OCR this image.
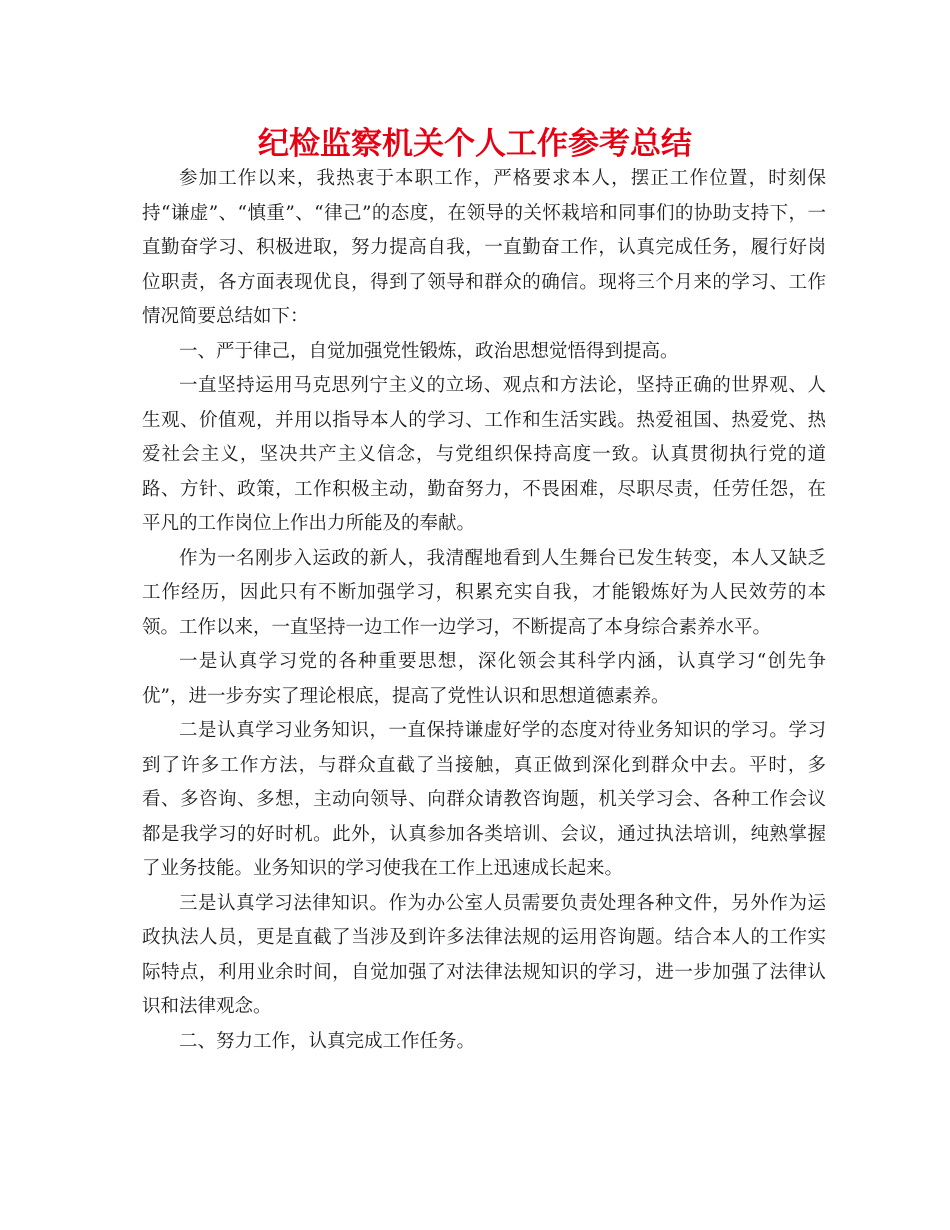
纪检监察机关个人工作参考总结

参加工作以来，我热衷于本职工作，严格要求本人，摆正工作位置，时刻保持“谦虚”、“慎重”、“律己”的态度，在领导的关怀栽培和同事们的协助支持下，一直勤奋学习、积极进取，努力提高自我，一直勤奋工作，认真完成任务，履行好岗位职责，各方面表现优良，得到了领导和群众的确信。现将三个月来的学习、工作情况简要总结如下：

一、严于律己，自觉加强党性锻炼，政治思想觉悟得到提高。

一直坚持运用马克思列宁主义的立场、观点和方法论，坚持正确的世界观、人生观、价值观，并用以指导本人的学习、工作和生活实践。热爱祖国、热爱党、热爱社会主义，坚决共产主义信念，与党组织保持高度一致。认真贯彻执行党的道路、方针、政策，工作积极主动，勤奋努力，不畏困难，尽职尽责，任劳任怨，在平凡的工作岗位上作出力所能及的奉献。

作为一名刚步入运政的新人，我清醒地看到人生舞台已发生转变，本人又缺乏工作经历，因此只有不断加强学习，积累充实自我，才能锻炼好为人民效劳的本领。工作以来，一直坚持一边工作一边学习，不断提高了本身综合素养水平。

一是认真学习党的各种重要思想，深化领会其科学内涵，认真学习“创先争优”，进一步夯实了理论根底，提高了党性认识和思想道德素养。

二是认真学习业务知识，一直保持谦虚好学的态度对待业务知识的学习。学习到了许多工作方法，与群众直截了当接触，真正做到深化到群众中去。平时，多看、多咨询、多想，主动向领导、向群众请教咨询题，机关学习会、各种工作会议都是我学习的好时机。此外，认真参加各类培训、会议，通过执法培训，纯熟掌握了业务技能。业务知识的学习使我在工作上迅速成长起来。

三是认真学习法律知识。作为办公室人员需要负责处理各种文件，另外作为运政执法人员，更是直截了当涉及到许多法律法规的运用咨询题。结合本人的工作实际特点，利用业余时间，自觉加强了对法律法规知识的学习，进一步加强了法律认识和法律观念。

二、努力工作，认真完成工作任务。
